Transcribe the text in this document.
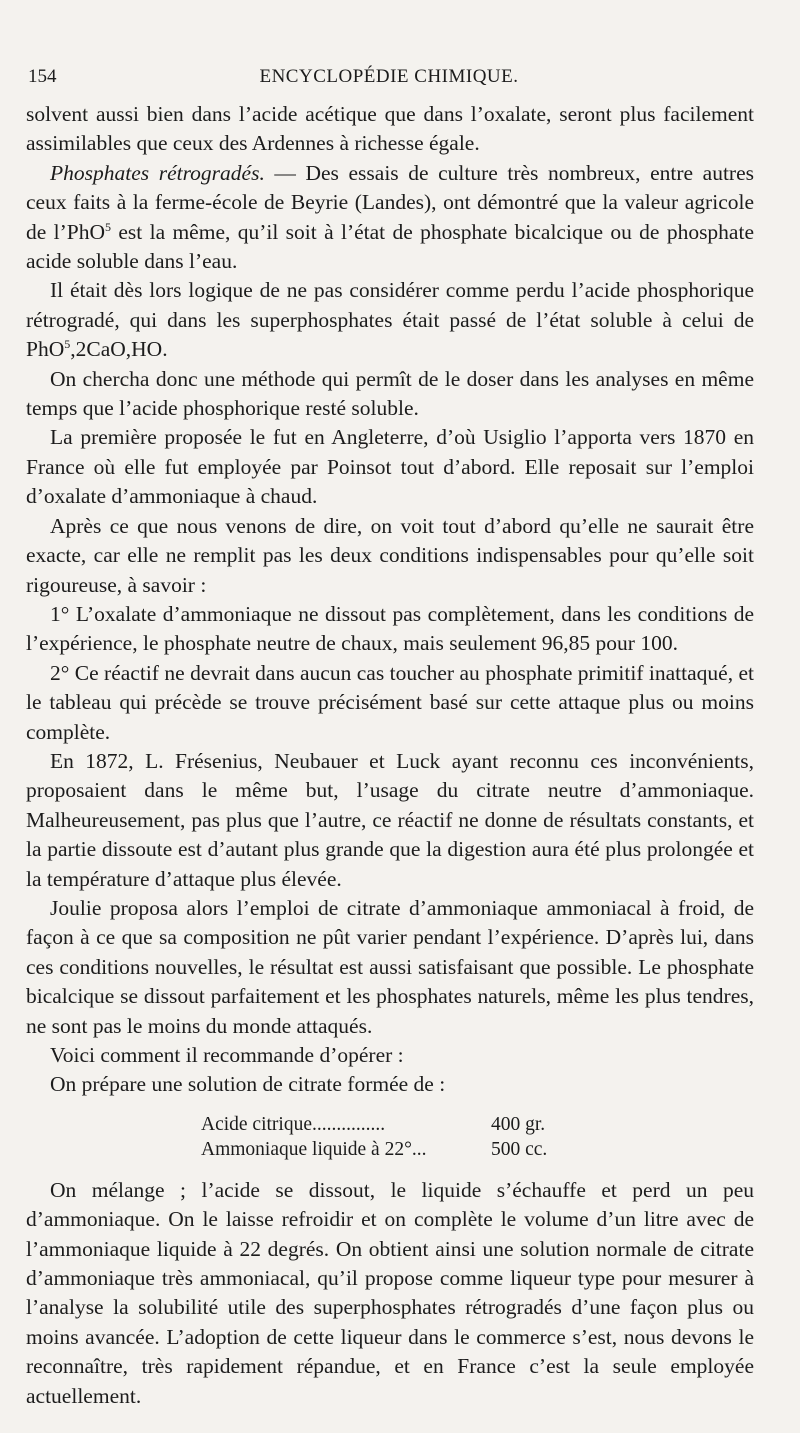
154	ENCYCLOPÉDIE CHIMIQUE.

solvent aussi bien dans l’acide acétique que dans l’oxalate, seront plus facilement assimilables que ceux des Ardennes à richesse égale.

Phosphates rétrogradés. — Des essais de culture très nombreux, entre autres ceux faits à la ferme-école de Beyrie (Landes), ont démontré que la valeur agricole de l’PhO$^5$ est la même, qu’il soit à l’état de phosphate bicalcique ou de phosphate acide soluble dans l’eau.

Il était dès lors logique de ne pas considérer comme perdu l’acide phosphorique rétrogradé, qui dans les superphosphates était passé de l’état soluble à celui de PhO$^5$,2CaO,HO.

On chercha donc une méthode qui permît de le doser dans les analyses en même temps que l’acide phosphorique resté soluble.

La première proposée le fut en Angleterre, d’où Usiglio l’apporta vers 1870 en France où elle fut employée par Poinsot tout d’abord. Elle reposait sur l’emploi d’oxalate d’ammoniaque à chaud.

Après ce que nous venons de dire, on voit tout d’abord qu’elle ne saurait être exacte, car elle ne remplit pas les deux conditions indispensables pour qu’elle soit rigoureuse, à savoir :

1° L’oxalate d’ammoniaque ne dissout pas complètement, dans les conditions de l’expérience, le phosphate neutre de chaux, mais seulement 96,85 pour 100.

2° Ce réactif ne devrait dans aucun cas toucher au phosphate primitif inattaqué, et le tableau qui précède se trouve précisément basé sur cette attaque plus ou moins complète.

En 1872, L. Frésenius, Neubauer et Luck ayant reconnu ces inconvénients, proposaient dans le même but, l’usage du citrate neutre d’ammoniaque. Malheureusement, pas plus que l’autre, ce réactif ne donne de résultats constants, et la partie dissoute est d’autant plus grande que la digestion aura été plus prolongée et la température d’attaque plus élevée.

Joulie proposa alors l’emploi de citrate d’ammoniaque ammoniacal à froid, de façon à ce que sa composition ne pût varier pendant l’expérience. D’après lui, dans ces conditions nouvelles, le résultat est aussi satisfaisant que possible. Le phosphate bicalcique se dissout parfaitement et les phosphates naturels, même les plus tendres, ne sont pas le moins du monde attaqués.

Voici comment il recommande d’opérer :

On prépare une solution de citrate formée de :

Acide citrique...............	400 gr.
Ammoniaque liquide à 22°...	500 cc.

On mélange ; l’acide se dissout, le liquide s’échauffe et perd un peu d’ammoniaque. On le laisse refroidir et on complète le volume d’un litre avec de l’ammoniaque liquide à 22 degrés. On obtient ainsi une solution normale de citrate d’ammoniaque très ammoniacal, qu’il propose comme liqueur type pour mesurer à l’analyse la solubilité utile des superphosphates rétrogradés d’une façon plus ou moins avancée. L’adoption de cette liqueur dans le commerce s’est, nous devons le reconnaître, très rapidement répandue, et en France c’est la seule employée actuellement.
